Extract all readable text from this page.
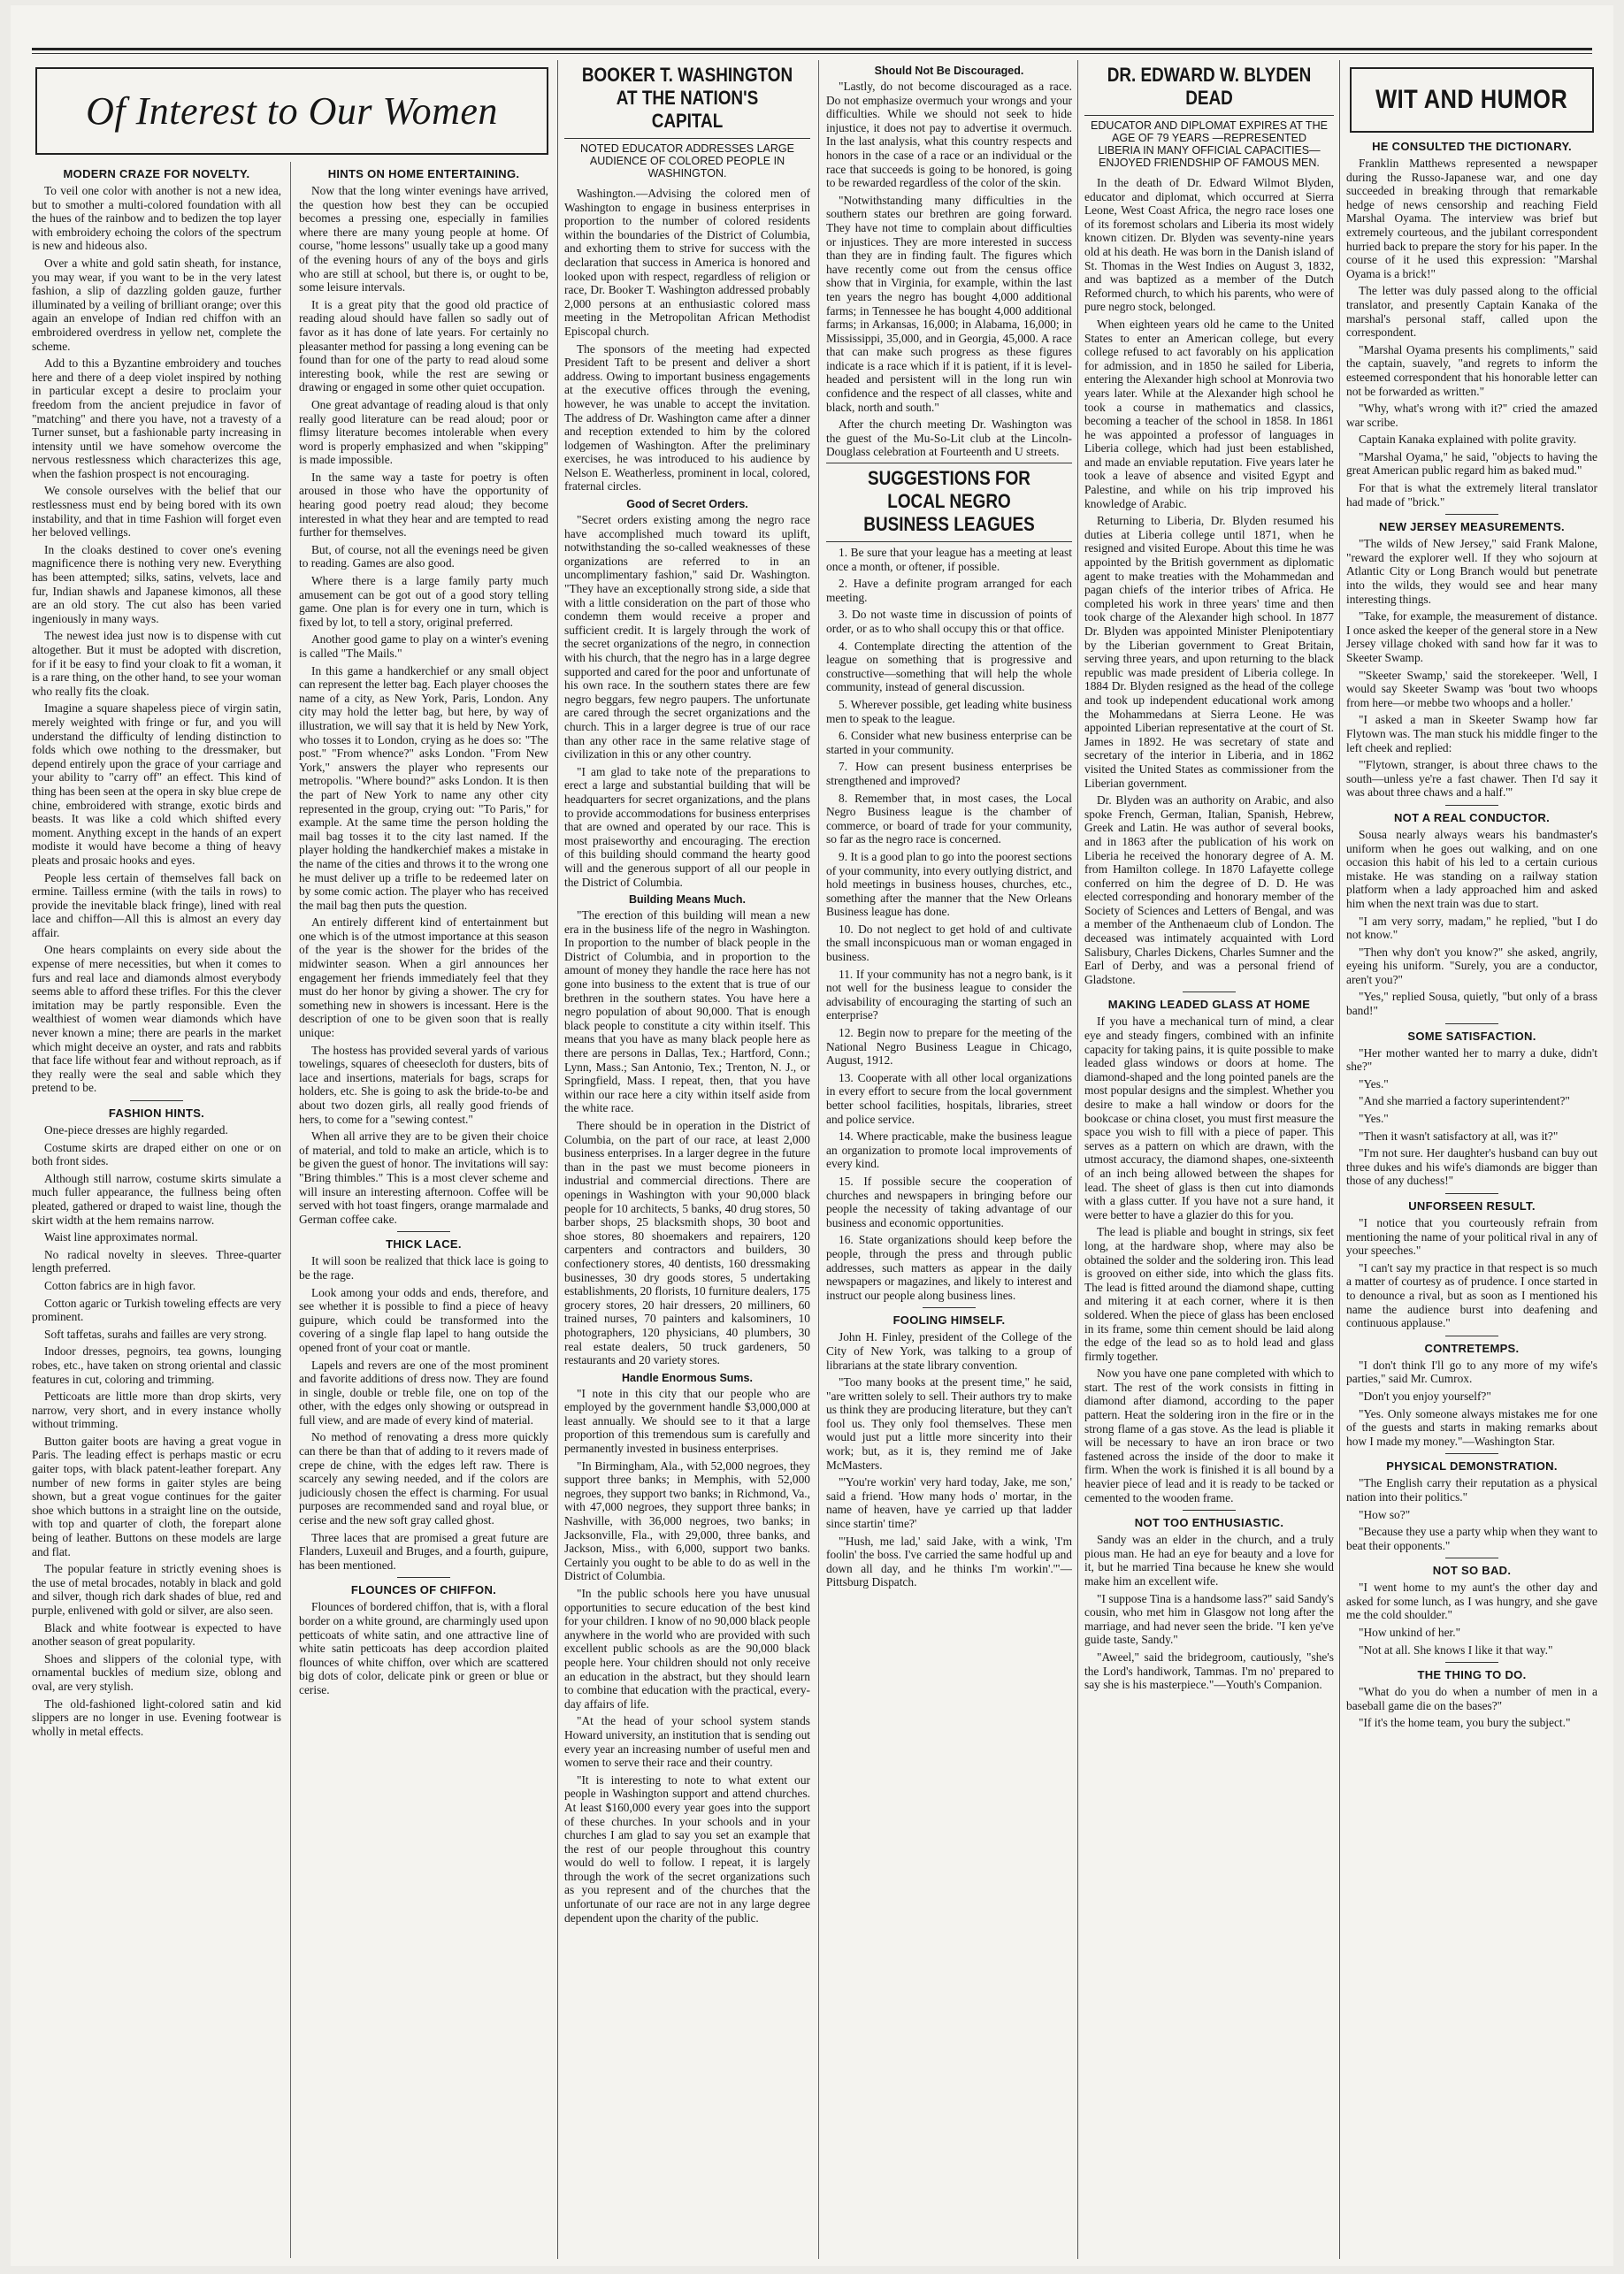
Of Interest to Our Women
MODERN CRAZE FOR NOVELTY.

To veil one color with another is not a new idea, but to smother a multi-colored foundation with all the hues of the rainbow and to bedizen the top layer with embroidery echoing the colors of the spectrum is new and hideous also.

Over a white and gold satin sheath, for instance, you may wear, if you want to be in the very latest fashion, a slip of dazzling golden gauze, further illuminated by a veiling of brilliant orange; over this again an envelope of Indian red chiffon with an embroidered overdress in yellow net, complete the scheme.

Add to this a Byzantine embroidery and touches here and there of a deep violet inspired by nothing in particular except a desire to proclaim your freedom from the ancient prejudice in favor of "matching" and there you have, not a travesty of a Turner sunset, but a fashionable party increasing in intensity until we have somehow overcome the nervous restlessness which characterizes this age, when the fashion prospect is not encouraging.

We console ourselves with the belief that our restlessness must end by being bored with its own instability, and that in time Fashion will forget even her beloved vellings.

In the cloaks destined to cover one's evening magnificence there is nothing very new. Everything has been attempted; silks, satins, velvets, lace and fur, Indian shawls and Japanese kimonos, all these are an old story. The cut also has been varied ingeniously in many ways.

The newest idea just now is to dispense with cut altogether. But it must be adopted with discretion, for if it be easy to find your cloak to fit a woman, it is a rare thing, on the other hand, to see your woman who really fits the cloak.

Imagine a square shapeless piece of virgin satin, merely weighted with fringe or fur, and you will understand the difficulty of lending distinction to folds which owe nothing to the dressmaker, but depend entirely upon the grace of your carriage and your ability to "carry off" an effect. This kind of thing has been seen at the opera in sky blue crepe de chine, embroidered with strange, exotic birds and beasts. It was like a cold which shifted every moment. Anything except in the hands of an expert modiste it would have become a thing of heavy pleats and prosaic hooks and eyes.

People less certain of themselves fall back on ermine. Tailless ermine (with the tails in rows) to provide the inevitable black fringe), lined with real lace and chiffon—All this is almost an every day affair.

One hears complaints on every side about the expense of mere necessities, but when it comes to furs and real lace and diamonds almost everybody seems able to afford these trifles. For this the clever imitation may be partly responsible. Even the wealthiest of women wear diamonds which have never known a mine; there are pearls in the market which might deceive an oyster, and rats and rabbits that face life without fear and without reproach, as if they really were the seal and sable which they pretend to be.

FASHION HINTS.

One-piece dresses are highly regarded.

Costume skirts are draped either on one or on both front sides.

Although still narrow, costume skirts simulate a much fuller appearance, the fullness being often pleated, gathered or draped to waist line, though the skirt width at the hem remains narrow.

Waist line approximates normal.

No radical novelty in sleeves. Three-quarter length preferred.

Cotton fabrics are in high favor.

Cotton agaric or Turkish toweling effects are very prominent.

Soft taffetas, surahs and failles are very strong.

Indoor dresses, pegnoirs, tea gowns, lounging robes, etc., have taken on strong oriental and classic features in cut, coloring and trimming.

Petticoats are little more than drop skirts, very narrow, very short, and in every instance wholly without trimming.

Button gaiter boots are having a great vogue in Paris. The leading effect is perhaps mastic or ecru gaiter tops, with black patent-leather forepart. Any number of new forms in gaiter styles are being shown, but a great vogue continues for the gaiter shoe which buttons in a straight line on the outside, with top and quarter of cloth, the forepart alone being of leather. Buttons on these models are large and flat.

The popular feature in strictly evening shoes is the use of metal brocades, notably in black and gold and silver, though rich dark shades of blue, red and purple, enlivened with gold or silver, are also seen.

Black and white footwear is expected to have another season of great popularity.

Shoes and slippers of the colonial type, with ornamental buckles of medium size, oblong and oval, are very stylish.

The old-fashioned light-colored satin and kid slippers are no longer in use. Evening footwear is wholly in metal effects.

HINTS ON HOME ENTERTAINING.

Now that the long winter evenings have arrived, the question how best they can be occupied becomes a pressing one, especially in families where there are many young people at home. Of course, "home lessons" usually take up a good many of the evening hours of any of the boys and girls who are still at school, but there is, or ought to be, some leisure intervals.

It is a great pity that the good old practice of reading aloud should have fallen so sadly out of favor as it has done of late years. For certainly no pleasanter method for passing a long evening can be found than for one of the party to read aloud some interesting book, while the rest are sewing or drawing or engaged in some other quiet occupation.

One great advantage of reading aloud is that only really good literature can be read aloud; poor or flimsy literature becomes intolerable when every word is properly emphasized and when "skipping" is made impossible.

In the same way a taste for poetry is often aroused in those who have the opportunity of hearing good poetry read aloud; they become interested in what they hear and are tempted to read further for themselves.

But, of course, not all the evenings need be given to reading. Games are also good.

Where there is a large family party much amusement can be got out of a good story telling game. One plan is for every one in turn, which is fixed by lot, to tell a story, original preferred.

Another good game to play on a winter's evening is called "The Mails."

In this game a handkerchief or any small object can represent the letter bag. Each player chooses the name of a city, as New York, Paris, London. Any city may hold the letter bag, but here, by way of illustration, we will say that it is held by New York, who tosses it to London, crying as he does so: "The post." "From whence?" asks London. "From New York," answers the player who represents our metropolis. "Where bound?" asks London. It is then the part of New York to name any other city represented in the group, crying out: "To Paris," for example. At the same time the person holding the mail bag tosses it to the city last named. If the player holding the handkerchief makes a mistake in the name of the cities and throws it to the wrong one he must deliver up a trifle to be redeemed later on by some comic action. The player who has received the mail bag then puts the question.

An entirely different kind of entertainment but one which is of the utmost importance at this season of the year is the shower for the brides of the midwinter season. When a girl announces her engagement her friends immediately feel that they must do her honor by giving a shower. The cry for something new in showers is incessant. Here is the description of one to be given soon that is really unique:

The hostess has provided several yards of various towelings, squares of cheesecloth for dusters, bits of lace and insertions, materials for bags, scraps for holders, etc. She is going to ask the bride-to-be and about two dozen girls, all really good friends of hers, to come for a "sewing contest."

When all arrive they are to be given their choice of material, and told to make an article, which is to be given the guest of honor. The invitations will say: "Bring thimbles." This is a most clever scheme and will insure an interesting afternoon. Coffee will be served with hot toast fingers, orange marmalade and German coffee cake.

THICK LACE.

It will soon be realized that thick lace is going to be the rage.

Look among your odds and ends, therefore, and see whether it is possible to find a piece of heavy guipure, which could be transformed into the covering of a single flap lapel to hang outside the opened front of your coat or mantle.

Lapels and revers are one of the most prominent and favorite additions of dress now. They are found in single, double or treble file, one on top of the other, with the edges only showing or outspread in full view, and are made of every kind of material.

No method of renovating a dress more quickly can there be than that of adding to it revers made of crepe de chine, with the edges left raw. There is scarcely any sewing needed, and if the colors are judiciously chosen the effect is charming. For usual purposes are recommended sand and royal blue, or cerise and the new soft gray called ghost.

Three laces that are promised a great future are Flanders, Luxeuil and Bruges, and a fourth, guipure, has been mentioned.

FLOUNCES OF CHIFFON.

Flounces of bordered chiffon, that is, with a floral border on a white ground, are charmingly used upon petticoats of white satin, and one attractive line of white satin petticoats has deep accordion plaited flounces of white chiffon, over which are scattered big dots of color, delicate pink or green or blue or cerise.

BOOKER T. WASHINGTON AT THE NATION'S CAPITAL
NOTED EDUCATOR ADDRESSES LARGE AUDIENCE OF COLORED PEOPLE IN WASHINGTON.

Washington.—Advising the colored men of Washington to engage in business enterprises in proportion to the number of colored residents within the boundaries of the District of Columbia, and exhorting them to strive for success with the declaration that success in America is honored and looked upon with respect, regardless of religion or race, Dr. Booker T. Washington addressed probably 2,000 persons at an enthusiastic colored mass meeting in the Metropolitan African Methodist Episcopal church.

The sponsors of the meeting had expected President Taft to be present and deliver a short address. Owing to important business engagements at the executive offices through the evening, however, he was unable to accept the invitation. The address of Dr. Washington came after a dinner and reception extended to him by the colored lodgemen of Washington. After the preliminary exercises, he was introduced to his audience by Nelson E. Weatherless, prominent in local, colored, fraternal circles.

Good of Secret Orders.

"Secret orders existing among the negro race have accomplished much toward its uplift, notwithstanding the so-called weaknesses of these organizations are referred to in an uncomplimentary fashion," said Dr. Washington. "They have an exceptionally strong side, a side that with a little consideration on the part of those who condemn them would receive a proper and sufficient credit. It is largely through the work of the secret organizations of the negro, in connection with his church, that the negro has in a large degree supported and cared for the poor and unfortunate of his own race. In the southern states there are few negro beggars, few negro paupers. The unfortunate are cared through the secret organizations and the church. This in a larger degree is true of our race than any other race in the same relative stage of civilization in this or any other country.

"I am glad to take note of the preparations to erect a large and substantial building that will be headquarters for secret organizations, and the plans to provide accommodations for business enterprises that are owned and operated by our race. This is most praiseworthy and encouraging. The erection of this building should command the hearty good will and the generous support of all our people in the District of Columbia.

Building Means Much.

"The erection of this building will mean a new era in the business life of the negro in Washington. In proportion to the number of black people in the District of Columbia, and in proportion to the amount of money they handle the race here has not gone into business to the extent that is true of our brethren in the southern states. You have here a negro population of about 90,000. That is enough black people to constitute a city within itself. This means that you have as many black people here as there are persons in Dallas, Tex.; Hartford, Conn.; Lynn, Mass.; San Antonio, Tex.; Trenton, N. J., or Springfield, Mass. I repeat, then, that you have within our race here a city within itself aside from the white race.

There should be in operation in the District of Columbia, on the part of our race, at least 2,000 business enterprises. In a larger degree in the future than in the past we must become pioneers in industrial and commercial directions. There are openings in Washington with your 90,000 black people for 10 architects, 5 banks, 40 drug stores, 50 barber shops, 25 blacksmith shops, 30 boot and shoe stores, 80 shoemakers and repairers, 120 carpenters and contractors and builders, 30 confectionery stores, 40 dentists, 160 dressmaking businesses, 30 dry goods stores, 5 undertaking establishments, 20 florists, 10 furniture dealers, 175 grocery stores, 20 hair dressers, 20 milliners, 60 trained nurses, 70 painters and kalsominers, 10 photographers, 120 physicians, 40 plumbers, 30 real estate dealers, 50 truck gardeners, 50 restaurants and 20 variety stores.

Handle Enormous Sums.

"I note in this city that our people who are employed by the government handle $3,000,000 at least annually. We should see to it that a large proportion of this tremendous sum is carefully and permanently invested in business enterprises.

"In Birmingham, Ala., with 52,000 negroes, they support three banks; in Memphis, with 52,000 negroes, they support two banks; in Richmond, Va., with 47,000 negroes, they support three banks; in Nashville, with 36,000 negroes, two banks; in Jacksonville, Fla., with 29,000, three banks, and Jackson, Miss., with 6,000, support two banks. Certainly you ought to be able to do as well in the District of Columbia.

"In the public schools here you have unusual opportunities to secure education of the best kind for your children. I know of no 90,000 black people anywhere in the world who are provided with such excellent public schools as are the 90,000 black people here. Your children should not only receive an education in the abstract, but they should learn to combine that education with the practical, every-day affairs of life.

"At the head of your school system stands Howard university, an institution that is sending out every year an increasing number of useful men and women to serve their race and their country.

"It is interesting to note to what extent our people in Washington support and attend churches. At least $160,000 every year goes into the support of these churches. In your schools and in your churches I am glad to say you set an example that the rest of our people throughout this country would do well to follow. I repeat, it is largely through the work of the secret organizations such as you represent and of the churches that the unfortunate of our race are not in any large degree dependent upon the charity of the public.

Should Not Be Discouraged.

"Lastly, do not become discouraged as a race. Do not emphasize overmuch your wrongs and your difficulties. While we should not seek to hide injustice, it does not pay to advertise it overmuch. In the last analysis, what this country respects and honors in the case of a race or an individual or the race that succeeds is going to be honored, is going to be rewarded regardless of the color of the skin.

"Notwithstanding many difficulties in the southern states our brethren are going forward. They have not time to complain about difficulties or injustices. They are more interested in success than they are in finding fault. The figures which have recently come out from the census office show that in Virginia, for example, within the last ten years the negro has bought 4,000 additional farms; in Tennessee he has bought 4,000 additional farms; in Arkansas, 16,000; in Alabama, 16,000; in Mississippi, 35,000, and in Georgia, 45,000. A race that can make such progress as these figures indicate is a race which if it is patient, if it is level-headed and persistent will in the long run win confidence and the respect of all classes, white and black, north and south."

After the church meeting Dr. Washington was the guest of the Mu-So-Lit club at the Lincoln-Douglass celebration at Fourteenth and U streets.

SUGGESTIONS FOR LOCAL NEGRO BUSINESS LEAGUES

1. Be sure that your league has a meeting at least once a month, or oftener, if possible.

2. Have a definite program arranged for each meeting.

3. Do not waste time in discussion of points of order, or as to who shall occupy this or that office.

4. Contemplate directing the attention of the league on something that is progressive and constructive—something that will help the whole community, instead of general discussion.

5. Wherever possible, get leading white business men to speak to the league.

6. Consider what new business enterprise can be started in your community.

7. How can present business enterprises be strengthened and improved?

8. Remember that, in most cases, the Local Negro Business league is the chamber of commerce, or board of trade for your community, so far as the negro race is concerned.

9. It is a good plan to go into the poorest sections of your community, into every outlying district, and hold meetings in business houses, churches, etc., something after the manner that the New Orleans Business league has done.

10. Do not neglect to get hold of and cultivate the small inconspicuous man or woman engaged in business.

11. If your community has not a negro bank, is it not well for the business league to consider the advisability of encouraging the starting of such an enterprise?

12. Begin now to prepare for the meeting of the National Negro Business League in Chicago, August, 1912.

13. Cooperate with all other local organizations in every effort to secure from the local government better school facilities, hospitals, libraries, street and police service.

14. Where practicable, make the business league an organization to promote local improvements of every kind.

15. If possible secure the cooperation of churches and newspapers in bringing before our people the necessity of taking advantage of our business and economic opportunities.

16. State organizations should keep before the people, through the press and through public addresses, such matters as appear in the daily newspapers or magazines, and likely to interest and instruct our people along business lines.

FOOLING HIMSELF.

John H. Finley, president of the College of the City of New York, was talking to a group of librarians at the state library convention.

"Too many books at the present time," he said, "are written solely to sell. Their authors try to make us think they are producing literature, but they can't fool us. They only fool themselves. These men would just put a little more sincerity into their work; but, as it is, they remind me of Jake McMasters.

"'You're workin' very hard today, Jake, me son,' said a friend. 'How many hods o' mortar, in the name of heaven, have ye carried up that ladder since startin' time?'

"'Hush, me lad,' said Jake, with a wink, 'I'm foolin' the boss. I've carried the same hodful up and down all day, and he thinks I'm workin'.'"—Pittsburg Dispatch.

DR. EDWARD W. BLYDEN DEAD
EDUCATOR AND DIPLOMAT EXPIRES AT THE AGE OF 79 YEARS —REPRESENTED LIBERIA IN MANY OFFICIAL CAPACITIES—ENJOYED FRIENDSHIP OF FAMOUS MEN.

In the death of Dr. Edward Wilmot Blyden, educator and diplomat, which occurred at Sierra Leone, West Coast Africa, the negro race loses one of its foremost scholars and Liberia its most widely known citizen. Dr. Blyden was seventy-nine years old at his death. He was born in the Danish island of St. Thomas in the West Indies on August 3, 1832, and was baptized as a member of the Dutch Reformed church, to which his parents, who were of pure negro stock, belonged.

When eighteen years old he came to the United States to enter an American college, but every college refused to act favorably on his application for admission, and in 1850 he sailed for Liberia, entering the Alexander high school at Monrovia two years later. While at the Alexander high school he took a course in mathematics and classics, becoming a teacher of the school in 1858. In 1861 he was appointed a professor of languages in Liberia college, which had just been established, and made an enviable reputation. Five years later he took a leave of absence and visited Egypt and Palestine, and while on his trip improved his knowledge of Arabic.

Returning to Liberia, Dr. Blyden resumed his duties at Liberia college until 1871, when he resigned and visited Europe. About this time he was appointed by the British government as diplomatic agent to make treaties with the Mohammedan and pagan chiefs of the interior tribes of Africa. He completed his work in three years' time and then took charge of the Alexander high school. In 1877 Dr. Blyden was appointed Minister Plenipotentiary by the Liberian government to Great Britain, serving three years, and upon returning to the black republic was made president of Liberia college. In 1884 Dr. Blyden resigned as the head of the college and took up independent educational work among the Mohammedans at Sierra Leone. He was appointed Liberian representative at the court of St. James in 1892. He was secretary of state and secretary of the interior in Liberia, and in 1862 visited the United States as commissioner from the Liberian government.

Dr. Blyden was an authority on Arabic, and also spoke French, German, Italian, Spanish, Hebrew, Greek and Latin. He was author of several books, and in 1863 after the publication of his work on Liberia he received the honorary degree of A. M. from Hamilton college. In 1870 Lafayette college conferred on him the degree of D. D. He was elected corresponding and honorary member of the Society of Sciences and Letters of Bengal, and was a member of the Anthenaeum club of London. The deceased was intimately acquainted with Lord Salisbury, Charles Dickens, Charles Sumner and the Earl of Derby, and was a personal friend of Gladstone.

MAKING LEADED GLASS AT HOME

If you have a mechanical turn of mind, a clear eye and steady fingers, combined with an infinite capacity for taking pains, it is quite possible to make leaded glass windows or doors at home. The diamond-shaped and the long pointed panels are the most popular designs and the simplest. Whether you desire to make a hall window or doors for the bookcase or china closet, you must first measure the space you wish to fill with a piece of paper. This serves as a pattern on which are drawn, with the utmost accuracy, the diamond shapes, one-sixteenth of an inch being allowed between the shapes for lead. The sheet of glass is then cut into diamonds with a glass cutter. If you have not a sure hand, it were better to have a glazier do this for you.

The lead is pliable and bought in strings, six feet long, at the hardware shop, where may also be obtained the solder and the soldering iron. This lead is grooved on either side, into which the glass fits. The lead is fitted around the diamond shape, cutting and mitering it at each corner, where it is then soldered. When the piece of glass has been enclosed in its frame, some thin cement should be laid along the edge of the lead so as to hold lead and glass firmly together.

Now you have one pane completed with which to start. The rest of the work consists in fitting in diamond after diamond, according to the paper pattern. Heat the soldering iron in the fire or in the strong flame of a gas stove. As the lead is pliable it will be necessary to have an iron brace or two fastened across the inside of the door to make it firm. When the work is finished it is all bound by a heavier piece of lead and it is ready to be tacked or cemented to the wooden frame.

NOT TOO ENTHUSIASTIC.

Sandy was an elder in the church, and a truly pious man. He had an eye for beauty and a love for it, but he married Tina because he knew she would make him an excellent wife.

"I suppose Tina is a handsome lass?" said Sandy's cousin, who met him in Glasgow not long after the marriage, and had never seen the bride. "I ken ye've guide taste, Sandy."

"Aweel," said the bridegroom, cautiously, "she's the Lord's handiwork, Tammas. I'm no' prepared to say she is his masterpiece."—Youth's Companion.

WIT AND HUMOR
HE CONSULTED THE DICTIONARY.

Franklin Matthews represented a newspaper during the Russo-Japanese war, and one day succeeded in breaking through that remarkable hedge of news censorship and reaching Field Marshal Oyama. The interview was brief but extremely courteous, and the jubilant correspondent hurried back to prepare the story for his paper. In the course of it he used this expression: "Marshal Oyama is a brick!"

The letter was duly passed along to the official translator, and presently Captain Kanaka of the marshal's personal staff, called upon the correspondent.

"Marshal Oyama presents his compliments," said the captain, suavely, "and regrets to inform the esteemed correspondent that his honorable letter can not be forwarded as written."

"Why, what's wrong with it?" cried the amazed war scribe.

Captain Kanaka explained with polite gravity.

"Marshal Oyama," he said, "objects to having the great American public regard him as baked mud."

For that is what the extremely literal translator had made of "brick."

NEW JERSEY MEASUREMENTS.

"The wilds of New Jersey," said Frank Malone, "reward the explorer well. If they who sojourn at Atlantic City or Long Branch would but penetrate into the wilds, they would see and hear many interesting things.

"Take, for example, the measurement of distance. I once asked the keeper of the general store in a New Jersey village choked with sand how far it was to Skeeter Swamp.

"'Skeeter Swamp,' said the storekeeper. 'Well, I would say Skeeter Swamp was 'bout two whoops from here—or mebbe two whoops and a holler.'

"I asked a man in Skeeter Swamp how far Flytown was. The man stuck his middle finger to the left cheek and replied:

"'Flytown, stranger, is about three chaws to the south—unless ye're a fast chawer. Then I'd say it was about three chaws and a half.'"

NOT A REAL CONDUCTOR.

Sousa nearly always wears his bandmaster's uniform when he goes out walking, and on one occasion this habit of his led to a certain curious mistake. He was standing on a railway station platform when a lady approached him and asked him when the next train was due to start.

"I am very sorry, madam," he replied, "but I do not know."

"Then why don't you know?" she asked, angrily, eyeing his uniform. "Surely, you are a conductor, aren't you?"

"Yes," replied Sousa, quietly, "but only of a brass band!"

SOME SATISFACTION.

"Her mother wanted her to marry a duke, didn't she?"

"Yes."

"And she married a factory superintendent?"

"Yes."

"Then it wasn't satisfactory at all, was it?"

"I'm not sure. Her daughter's husband can buy out three dukes and his wife's diamonds are bigger than those of any duchess!"

UNFORSEEN RESULT.

"I notice that you courteously refrain from mentioning the name of your political rival in any of your speeches."

"I can't say my practice in that respect is so much a matter of courtesy as of prudence. I once started in to denounce a rival, but as soon as I mentioned his name the audience burst into deafening and continuous applause."

CONTRETEMPS.

"I don't think I'll go to any more of my wife's parties," said Mr. Cumrox.

"Don't you enjoy yourself?"

"Yes. Only someone always mistakes me for one of the guests and starts in making remarks about how I made my money."—Washington Star.

PHYSICAL DEMONSTRATION.

"The English carry their reputation as a physical nation into their politics."

"How so?"

"Because they use a party whip when they want to beat their opponents."

NOT SO BAD.

"I went home to my aunt's the other day and asked for some lunch, as I was hungry, and she gave me the cold shoulder."

"How unkind of her."

"Not at all. She knows I like it that way."

THE THING TO DO.

"What do you do when a number of men in a baseball game die on the bases?"

"If it's the home team, you bury the subject."
